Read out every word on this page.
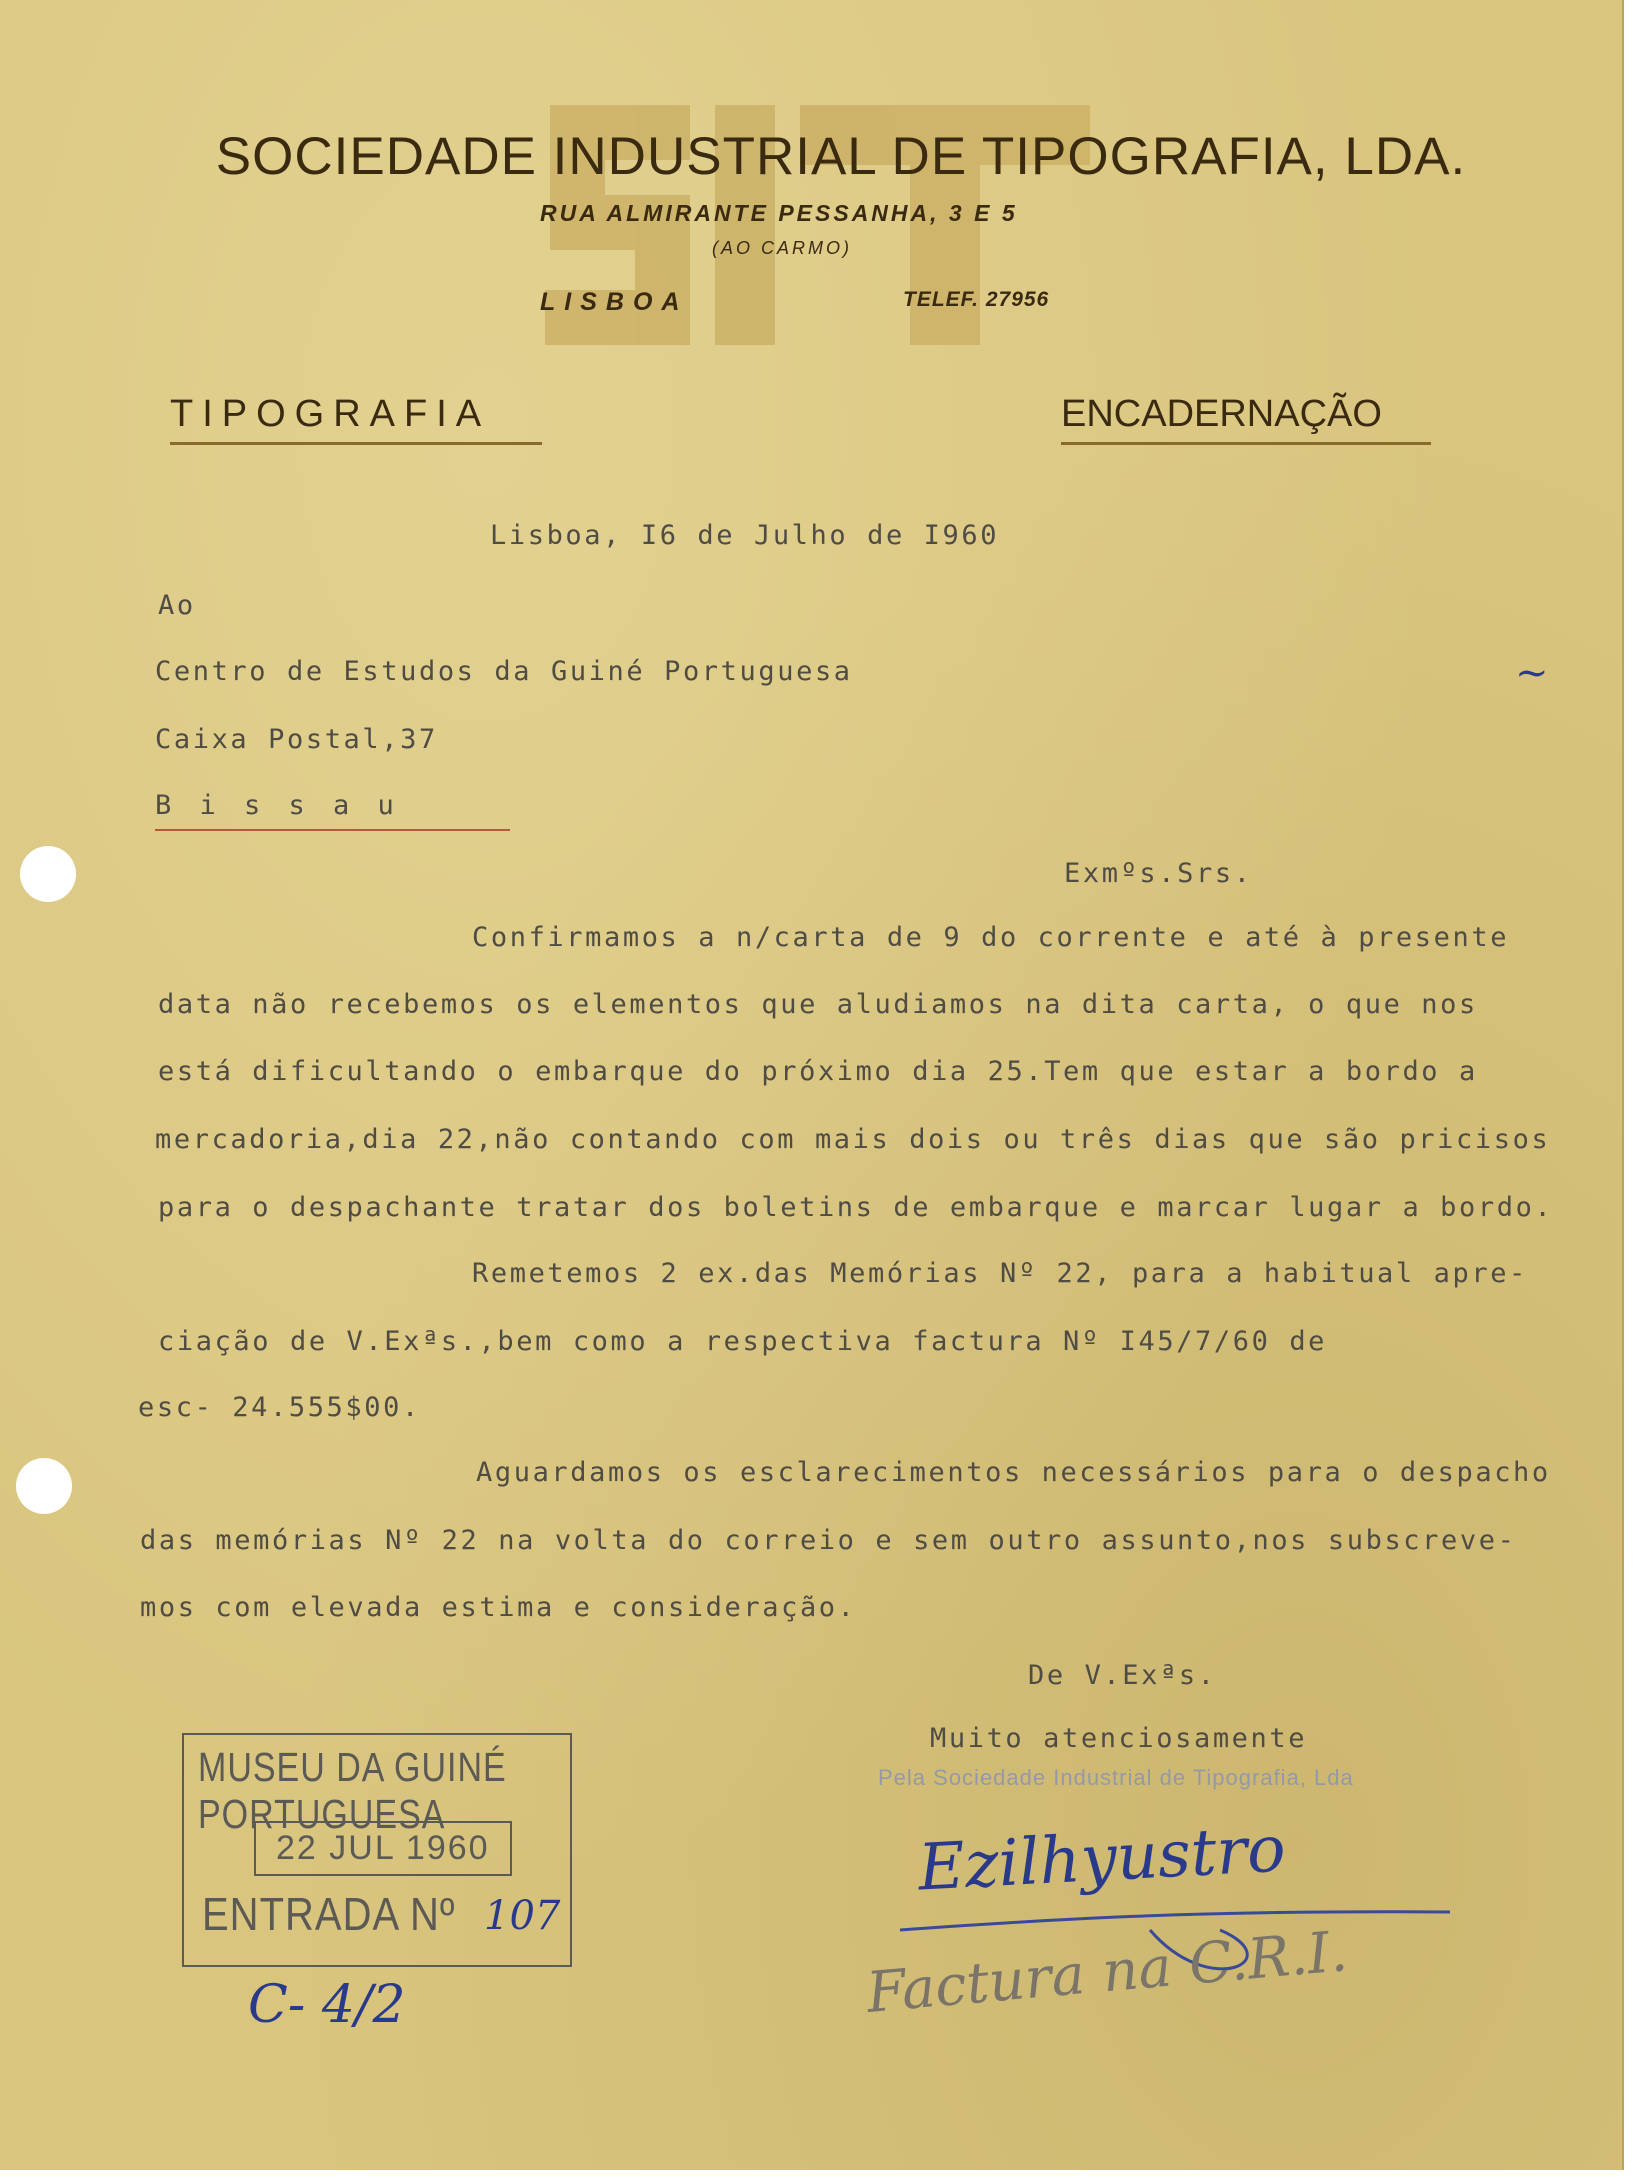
SOCIEDADE INDUSTRIAL DE TIPOGRAFIA, LDA.
RUA ALMIRANTE PESSANHA, 3 E 5
(AO CARMO)
LISBOA	TELEF. 27956
TIPOGRAFIA	ENCADERNAÇÃO
Lisboa, I6 de Julho de I960
Ao
Centro de Estudos da Guiné Portuguesa
Caixa Postal,37
B i s s a u
Exmºs.Srs.
Confirmamos a n/carta de 9 do corrente e até à presente
data não recebemos os elementos que aludiamos na dita carta, o que nos
está dificultando o embarque do próximo dia 25.Tem que estar a bordo a
mercadoria,dia 22,não contando com mais dois ou três dias que são pricisos
para o despachante tratar dos boletins de embarque e marcar lugar a bordo.
Remetemos 2 ex.das Memórias Nº 22, para a habitual apre-
ciação de V.Exªs.,bem como a respectiva factura Nº I45/7/60 de
esc- 24.555$00.
Aguardamos os esclarecimentos necessários para o despacho
das memórias Nº 22 na volta do correio e sem outro assunto,nos subscreve-
mos com elevada estima e consideração.
De V.Exªs.
Muito atenciosamente
Pela Sociedade Industrial de Tipografia, Lda
Ezilhyustro
Factura na C.R.I.
MUSEU DA GUINÉ PORTUGUESA
22 JUL 1960
ENTRADA Nº 107
C- 4/2
~
